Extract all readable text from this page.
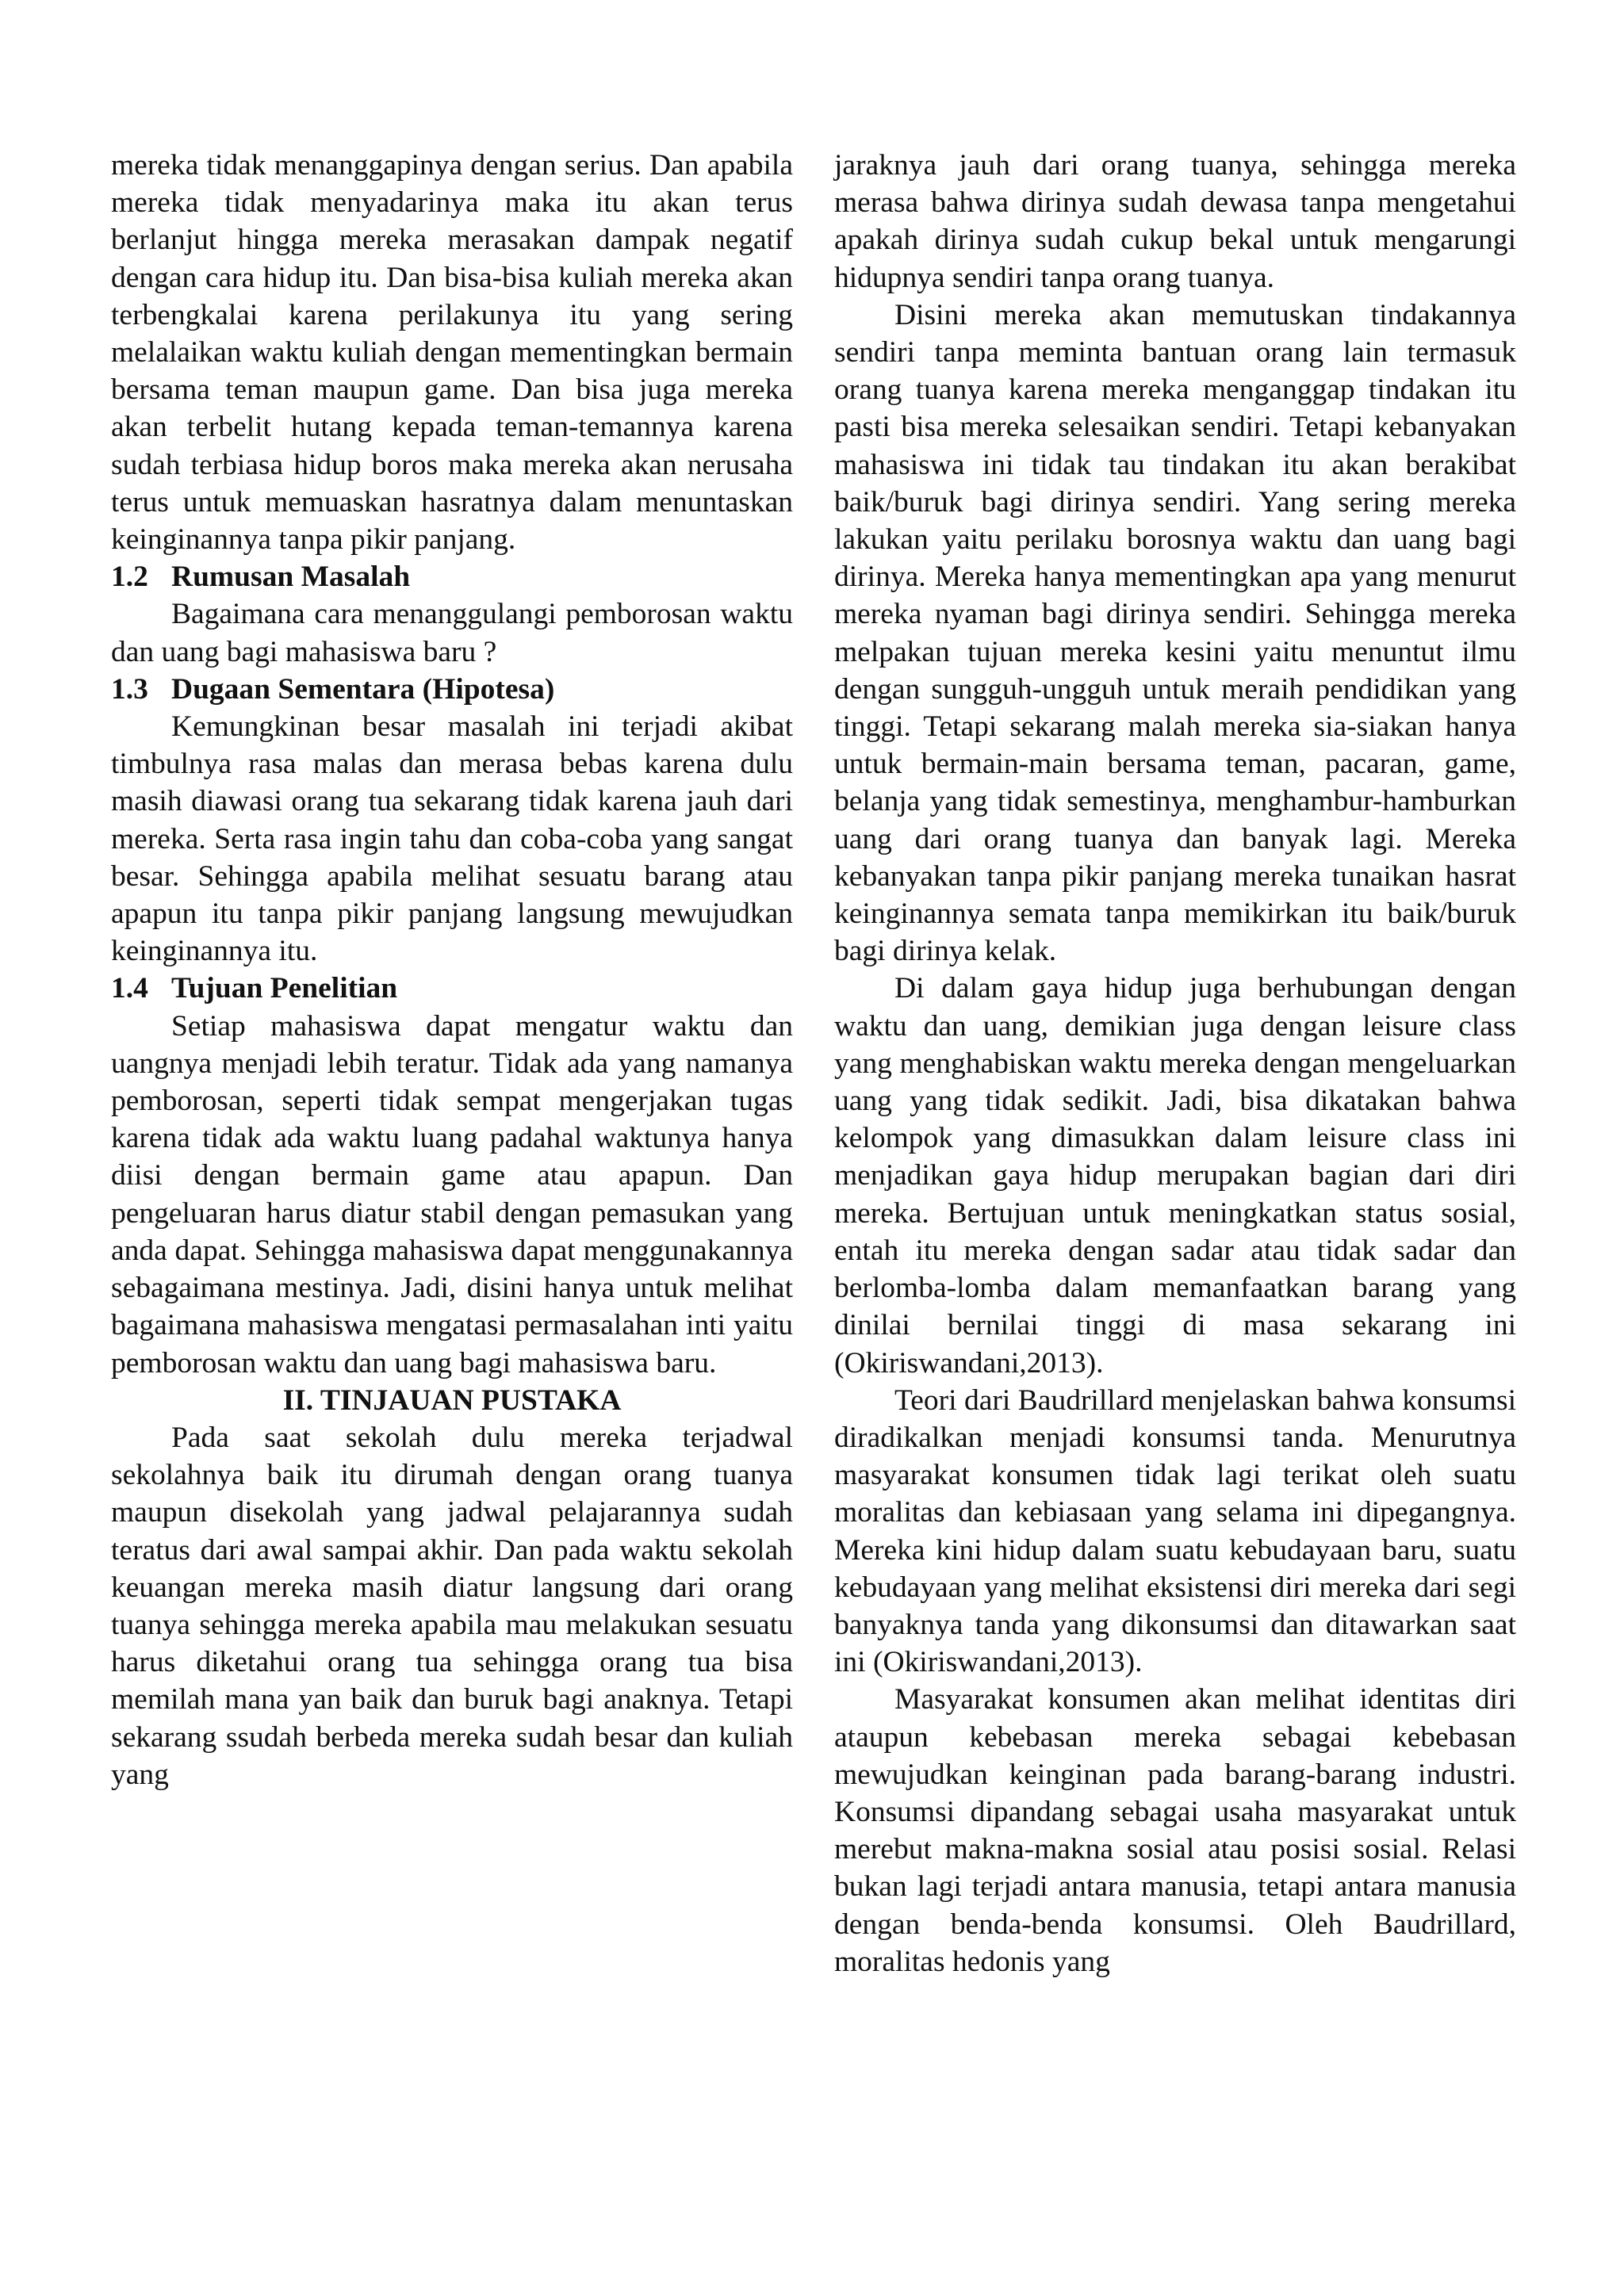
mereka tidak menanggapinya dengan serius. Dan apabila mereka tidak menyadarinya maka itu akan terus berlanjut hingga mereka merasakan dampak negatif dengan cara hidup itu. Dan bisa-bisa kuliah mereka akan terbengkalai karena perilakunya itu yang sering melalaikan waktu kuliah dengan mementingkan bermain bersama teman maupun game. Dan bisa juga mereka akan terbelit hutang kepada teman-temannya karena sudah terbiasa hidup boros maka mereka akan nerusaha terus untuk memuaskan hasratnya dalam menuntaskan keinginannya tanpa pikir panjang.

1.2 Rumusan Masalah

Bagaimana cara menanggulangi pemborosan waktu dan uang bagi mahasiswa baru ?

1.3 Dugaan Sementara (Hipotesa)

Kemungkinan besar masalah ini terjadi akibat timbulnya rasa malas dan merasa bebas karena dulu masih diawasi orang tua sekarang tidak karena jauh dari mereka. Serta rasa ingin tahu dan coba-coba yang sangat besar. Sehingga apabila melihat sesuatu barang atau apapun itu tanpa pikir panjang langsung mewujudkan keinginannya itu.

1.4 Tujuan Penelitian

Setiap mahasiswa dapat mengatur waktu dan uangnya menjadi lebih teratur. Tidak ada yang namanya pemborosan, seperti tidak sempat mengerjakan tugas karena tidak ada waktu luang padahal waktunya hanya diisi dengan bermain game atau apapun. Dan pengeluaran harus diatur stabil dengan pemasukan yang anda dapat. Sehingga mahasiswa dapat menggunakannya sebagaimana mestinya. Jadi, disini hanya untuk melihat bagaimana mahasiswa mengatasi permasalahan inti yaitu pemborosan waktu dan uang bagi mahasiswa baru.

II. TINJAUAN PUSTAKA

Pada saat sekolah dulu mereka terjadwal sekolahnya baik itu dirumah dengan orang tuanya maupun disekolah yang jadwal pelajarannya sudah teratus dari awal sampai akhir. Dan pada waktu sekolah keuangan mereka masih diatur langsung dari orang tuanya sehingga mereka apabila mau melakukan sesuatu harus diketahui orang tua sehingga orang tua bisa memilah mana yan baik dan buruk bagi anaknya. Tetapi sekarang ssudah berbeda mereka sudah besar dan kuliah yang

jaraknya jauh dari orang tuanya, sehingga mereka merasa bahwa dirinya sudah dewasa tanpa mengetahui apakah dirinya sudah cukup bekal untuk mengarungi hidupnya sendiri tanpa orang tuanya.

Disini mereka akan memutuskan tindakannya sendiri tanpa meminta bantuan orang lain termasuk orang tuanya karena mereka menganggap tindakan itu pasti bisa mereka selesaikan sendiri. Tetapi kebanyakan mahasiswa ini tidak tau tindakan itu akan berakibat baik/buruk bagi dirinya sendiri. Yang sering mereka lakukan yaitu perilaku borosnya waktu dan uang bagi dirinya. Mereka hanya mementingkan apa yang menurut mereka nyaman bagi dirinya sendiri. Sehingga mereka melpakan tujuan mereka kesini yaitu menuntut ilmu dengan sungguh-ungguh untuk meraih pendidikan yang tinggi. Tetapi sekarang malah mereka sia-siakan hanya untuk bermain-main bersama teman, pacaran, game, belanja yang tidak semestinya, menghambur-hamburkan uang dari orang tuanya dan banyak lagi. Mereka kebanyakan tanpa pikir panjang mereka tunaikan hasrat keinginannya semata tanpa memikirkan itu baik/buruk bagi dirinya kelak.

Di dalam gaya hidup juga berhubungan dengan waktu dan uang, demikian juga dengan leisure class yang menghabiskan waktu mereka dengan mengeluarkan uang yang tidak sedikit. Jadi, bisa dikatakan bahwa kelompok yang dimasukkan dalam leisure class ini menjadikan gaya hidup merupakan bagian dari diri mereka. Bertujuan untuk meningkatkan status sosial, entah itu mereka dengan sadar atau tidak sadar dan berlomba-lomba dalam memanfaatkan barang yang dinilai bernilai tinggi di masa sekarang ini (Okiriswandani,2013).

Teori dari Baudrillard menjelaskan bahwa konsumsi diradikalkan menjadi konsumsi tanda. Menurutnya masyarakat konsumen tidak lagi terikat oleh suatu moralitas dan kebiasaan yang selama ini dipegangnya. Mereka kini hidup dalam suatu kebudayaan baru, suatu kebudayaan yang melihat eksistensi diri mereka dari segi banyaknya tanda yang dikonsumsi dan ditawarkan saat ini (Okiriswandani,2013).

Masyarakat konsumen akan melihat identitas diri ataupun kebebasan mereka sebagai kebebasan mewujudkan keinginan pada barang-barang industri. Konsumsi dipandang sebagai usaha masyarakat untuk merebut makna-makna sosial atau posisi sosial. Relasi bukan lagi terjadi antara manusia, tetapi antara manusia dengan benda-benda konsumsi. Oleh Baudrillard, moralitas hedonis yang
